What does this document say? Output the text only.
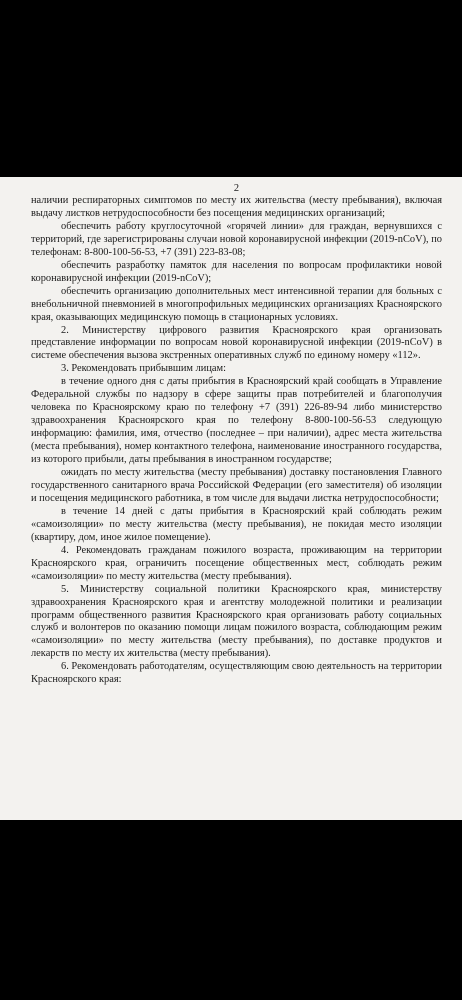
2

наличии респираторных симптомов по месту их жительства (месту пребывания), включая выдачу листков нетрудоспособности без посещения медицинских организаций;

обеспечить работу круглосуточной «горячей линии» для граждан, вернувшихся с территорий, где зарегистрированы случаи новой коронавирусной инфекции (2019-nCoV), по телефонам: 8-800-100-56-53, +7 (391) 223-83-08;

обеспечить разработку памяток для населения по вопросам профилактики новой коронавирусной инфекции (2019-nCoV);

обеспечить организацию дополнительных мест интенсивной терапии для больных с внебольничной пневмонией в многопрофильных медицинских организациях Красноярского края, оказывающих медицинскую помощь в стационарных условиях.

2. Министерству цифрового развития Красноярского края организовать представление информации по вопросам новой коронавирусной инфекции (2019-nCoV) в системе обеспечения вызова экстренных оперативных служб по единому номеру «112».

3. Рекомендовать прибывшим лицам:

в течение одного дня с даты прибытия в Красноярский край сообщать в Управление Федеральной службы по надзору в сфере защиты прав потребителей и благополучия человека по Красноярскому краю по телефону +7 (391) 226-89-94 либо министерство здравоохранения Красноярского края по телефону 8-800-100-56-53 следующую информацию: фамилия, имя, отчество (последнее – при наличии), адрес места жительства (места пребывания), номер контактного телефона, наименование иностранного государства, из которого прибыли, даты пребывания в иностранном государстве;

ожидать по месту жительства (месту пребывания) доставку постановления Главного государственного санитарного врача Российской Федерации (его заместителя) об изоляции и посещения медицинского работника, в том числе для выдачи листка нетрудоспособности;

в течение 14 дней с даты прибытия в Красноярский край соблюдать режим «самоизоляции» по месту жительства (месту пребывания), не покидая место изоляции (квартиру, дом, иное жилое помещение).

4. Рекомендовать гражданам пожилого возраста, проживающим на территории Красноярского края, ограничить посещение общественных мест, соблюдать режим «самоизоляции» по месту жительства (месту пребывания).

5. Министерству социальной политики Красноярского края, министерству здравоохранения Красноярского края и агентству молодежной политики и реализации программ общественного развития Красноярского края организовать работу социальных служб и волонтеров по оказанию помощи лицам пожилого возраста, соблюдающим режим «самоизоляции» по месту жительства (месту пребывания), по доставке продуктов и лекарств по месту их жительства (месту пребывания).

6. Рекомендовать работодателям, осуществляющим свою деятельность на территории Красноярского края:
